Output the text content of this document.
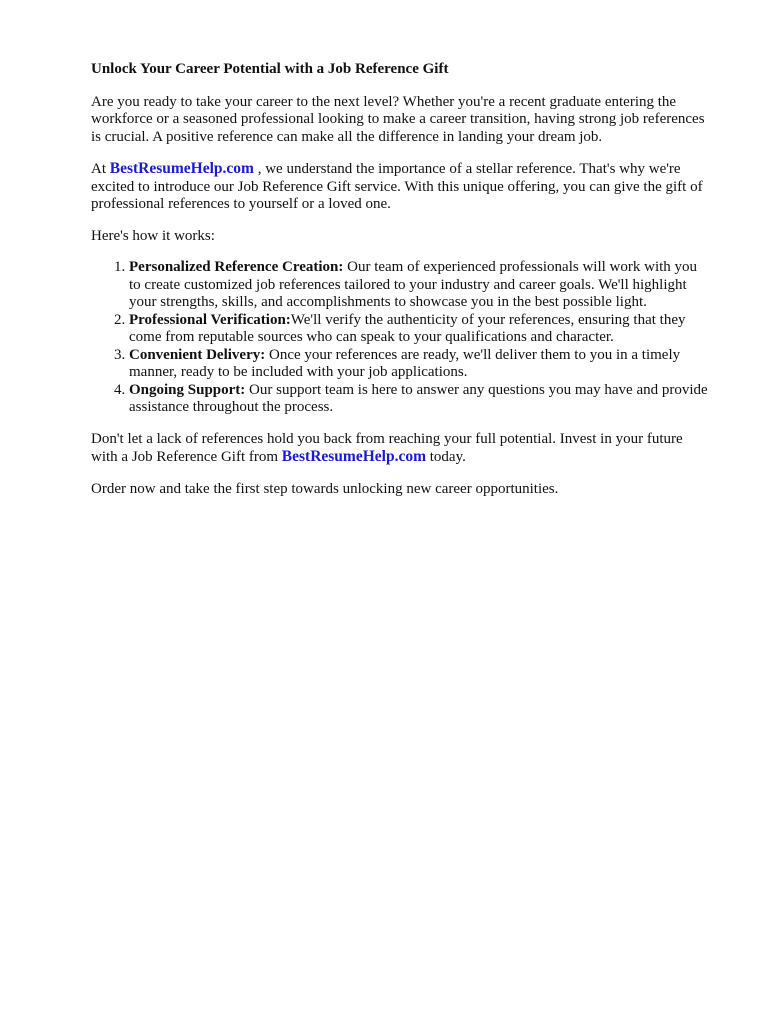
Unlock Your Career Potential with a Job Reference Gift

Are you ready to take your career to the next level? Whether you're a recent graduate entering the workforce or a seasoned professional looking to make a career transition, having strong job references is crucial. A positive reference can make all the difference in landing your dream job.

At BestResumeHelp.com , we understand the importance of a stellar reference. That's why we're excited to introduce our Job Reference Gift service. With this unique offering, you can give the gift of professional references to yourself or a loved one.

Here's how it works:

1. Personalized Reference Creation: Our team of experienced professionals will work with you to create customized job references tailored to your industry and career goals. We'll highlight your strengths, skills, and accomplishments to showcase you in the best possible light.
2. Professional Verification:We'll verify the authenticity of your references, ensuring that they come from reputable sources who can speak to your qualifications and character.
3. Convenient Delivery: Once your references are ready, we'll deliver them to you in a timely manner, ready to be included with your job applications.
4. Ongoing Support: Our support team is here to answer any questions you may have and provide assistance throughout the process.

Don't let a lack of references hold you back from reaching your full potential. Invest in your future with a Job Reference Gift from BestResumeHelp.com today.

Order now and take the first step towards unlocking new career opportunities.
